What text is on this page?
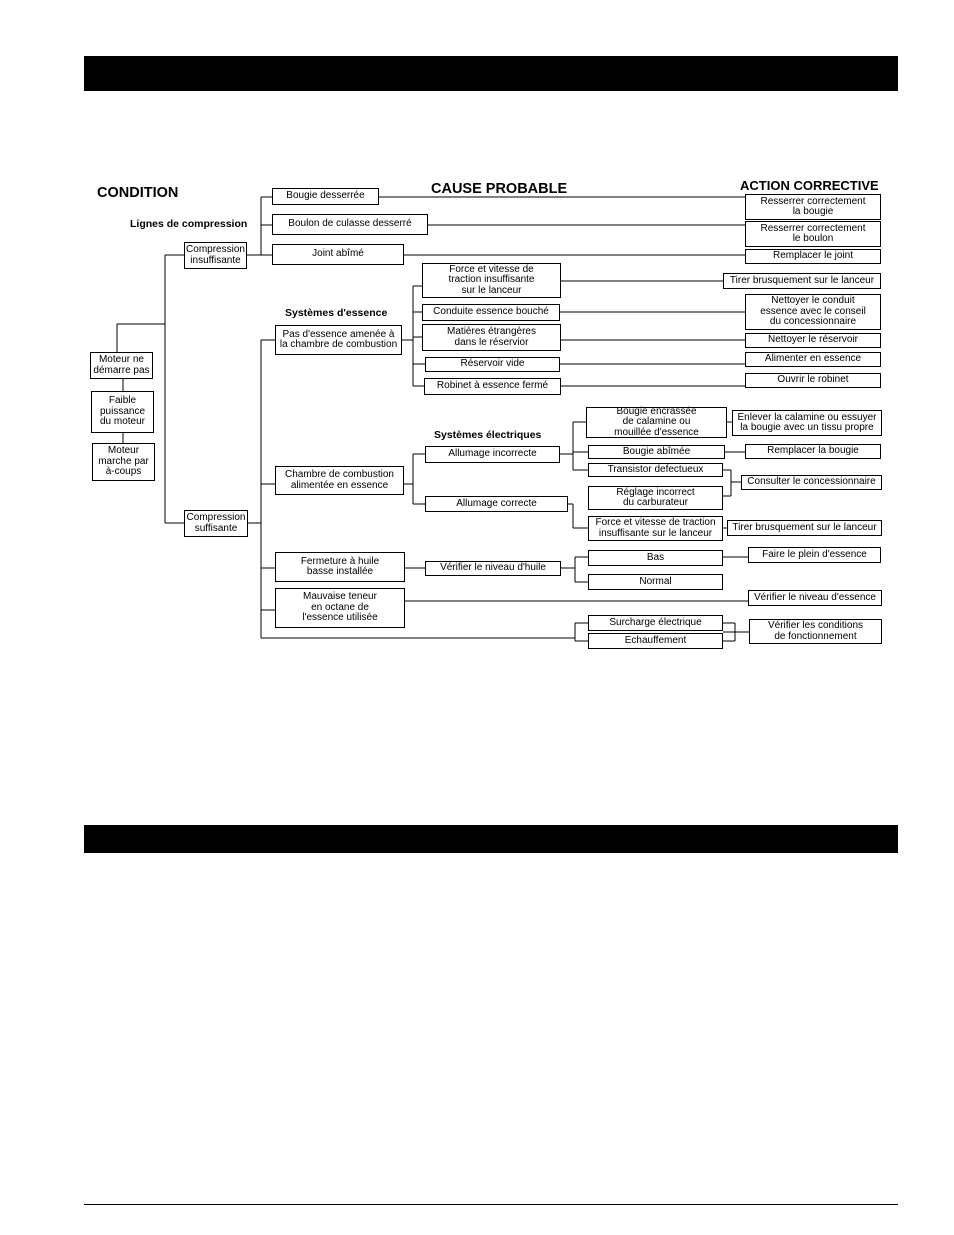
CONDITION	CAUSE PROBABLE	ACTION CORRECTIVE
Lignes de compression
Systèmes d'essence
Systèmes électriques
Moteur ne
démarre pas
Faible
puissance
du moteur
Moteur
marche par
à-coups
Compression
insuffisante
Compression
suffisante
Bougie desserrée
Boulon de culasse desserré
Joint abîmé
Resserrer correctement
la bougie
Resserrer correctement
le boulon
Remplacer le joint
Pas d'essence amenée à
la chambre de combustion
Force et vitesse de
traction insuffisante
sur le lanceur
Conduite essence bouché
Matières étrangères
dans le réservior
Réservoir vide
Robinet à essence fermé
Tirer brusquement sur le lanceur
Nettoyer le conduit
essence avec le conseil
du concessionnaire
Nettoyer le réservoir
Alimenter en essence
Ouvrir le robinet
Chambre de combustion
alimentée en essence
Allumage incorrecte
Allumage correcte
Bougie encrassée
de calamine ou
mouillée d'essence
Bougie abîmée
Transistor defectueux
Réglage incorrect
du carburateur
Force et vitesse de traction
insuffisante sur le lanceur
Enlever la calamine ou essuyer
la bougie avec un tissu propre
Remplacer la bougie
Consulter le concessionnaire
Tirer brusquement sur le lanceur
Fermeture à huile
basse installée	Vérifier le niveau d'huile
Bas
Normal
Faire le plein d'essence
Mauvaise teneur
en octane de
l'essence utilisée
Vérifier le niveau d'essence
Surcharge électrique
Echauffement
Vérifier les conditions
de fonctionnement
